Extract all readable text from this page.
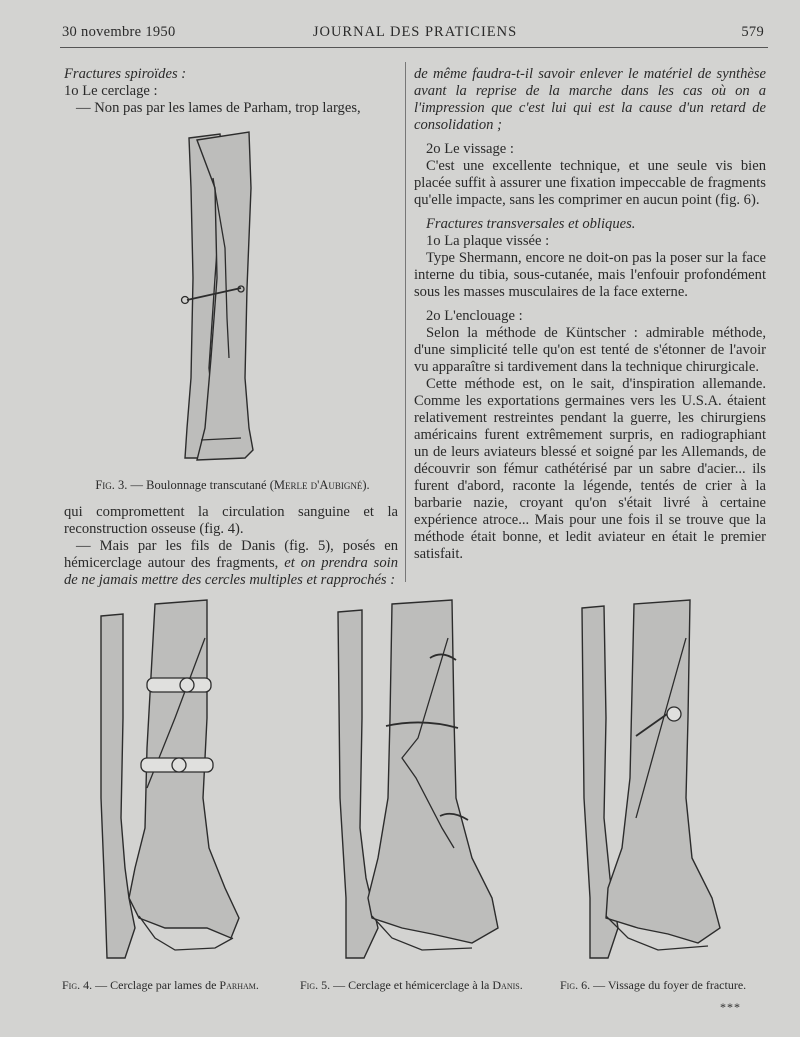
30 novembre 1950	JOURNAL DES PRATICIENS	579

Fractures spiroïdes :

1o Le cerclage :

— Non pas par les lames de Parham, trop larges,

Fig. 3. — Boulonnage transcutané (Merle d'Aubigné).

qui compromettent la circulation sanguine et la reconstruction osseuse (fig. 4).

— Mais par les fils de Danis (fig. 5), posés en hémicerclage autour des fragments, et on prendra soin de ne jamais mettre des cercles multiples et rapprochés :

de même faudra-t-il savoir enlever le matériel de synthèse avant la reprise de la marche dans les cas où on a l'impression que c'est lui qui est la cause d'un retard de consolidation ;

2o Le vissage :

C'est une excellente technique, et une seule vis bien placée suffit à assurer une fixation impeccable de fragments qu'elle impacte, sans les comprimer en aucun point (fig. 6).

Fractures transversales et obliques.

1o La plaque vissée :

Type Shermann, encore ne doit-on pas la poser sur la face interne du tibia, sous-cutanée, mais l'enfouir profondément sous les masses musculaires de la face externe.

2o L'enclouage :

Selon la méthode de Küntscher : admirable méthode, d'une simplicité telle qu'on est tenté de s'étonner de l'avoir vu apparaître si tardivement dans la technique chirurgicale.

Cette méthode est, on le sait, d'inspiration allemande. Comme les exportations germaines vers les U.S.A. étaient relativement restreintes pendant la guerre, les chirurgiens américains furent extrêmement surpris, en radiographiant un de leurs aviateurs blessé et soigné par les Allemands, de découvrir son fémur cathétérisé par un sabre d'acier... ils furent d'abord, raconte la légende, tentés de crier à la barbarie nazie, croyant qu'on s'était livré à certaine expérience atroce... Mais pour une fois il se trouve que la méthode était bonne, et ledit aviateur en était le premier satisfait.

Fig. 4. — Cerclage par lames de Parham.	Fig. 5. — Cerclage et hémicerclage à la Danis.	Fig. 6. — Vissage du foyer de fracture.
***
